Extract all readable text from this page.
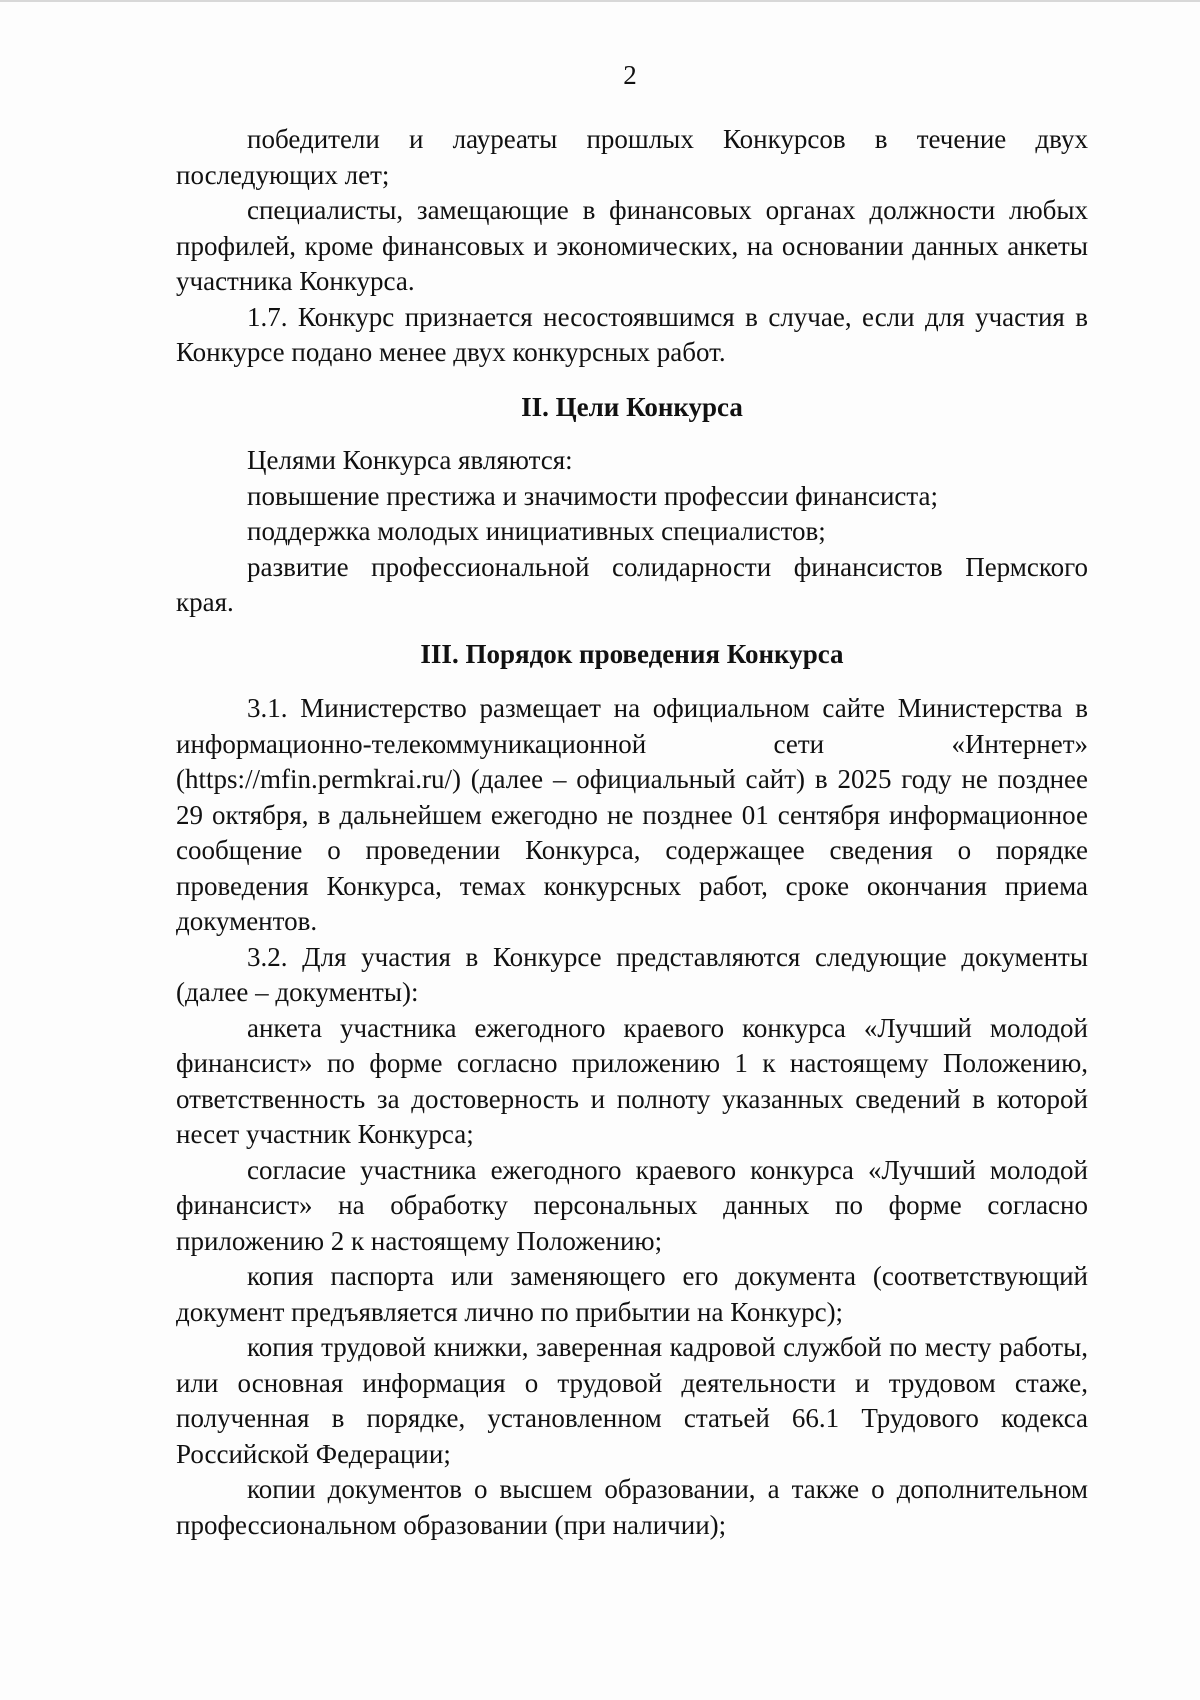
2

победители и лауреаты прошлых Конкурсов в течение двух последующих лет;

специалисты, замещающие в финансовых органах должности любых профилей, кроме финансовых и экономических, на основании данных анкеты участника Конкурса.

1.7. Конкурс признается несостоявшимся в случае, если для участия в Конкурсе подано менее двух конкурсных работ.

II. Цели Конкурса

Целями Конкурса являются:

повышение престижа и значимости профессии финансиста;

поддержка молодых инициативных специалистов;

развитие профессиональной солидарности финансистов Пермского края.

III. Порядок проведения Конкурса

3.1. Министерство размещает на официальном сайте Министерства в информационно-телекоммуникационной сети «Интернет» (https://mfin.permkrai.ru/) (далее – официальный сайт) в 2025 году не позднее 29 октября, в дальнейшем ежегодно не позднее 01 сентября информационное сообщение о проведении Конкурса, содержащее сведения о порядке проведения Конкурса, темах конкурсных работ, сроке окончания приема документов.

3.2. Для участия в Конкурсе представляются следующие документы (далее – документы):

анкета участника ежегодного краевого конкурса «Лучший молодой финансист» по форме согласно приложению 1 к настоящему Положению, ответственность за достоверность и полноту указанных сведений в которой несет участник Конкурса;

согласие участника ежегодного краевого конкурса «Лучший молодой финансист» на обработку персональных данных по форме согласно приложению 2 к настоящему Положению;

копия паспорта или заменяющего его документа (соответствующий документ предъявляется лично по прибытии на Конкурс);

копия трудовой книжки, заверенная кадровой службой по месту работы, или основная информация о трудовой деятельности и трудовом стаже, полученная в порядке, установленном статьей 66.1 Трудового кодекса Российской Федерации;

копии документов о высшем образовании, а также о дополнительном профессиональном образовании (при наличии);
